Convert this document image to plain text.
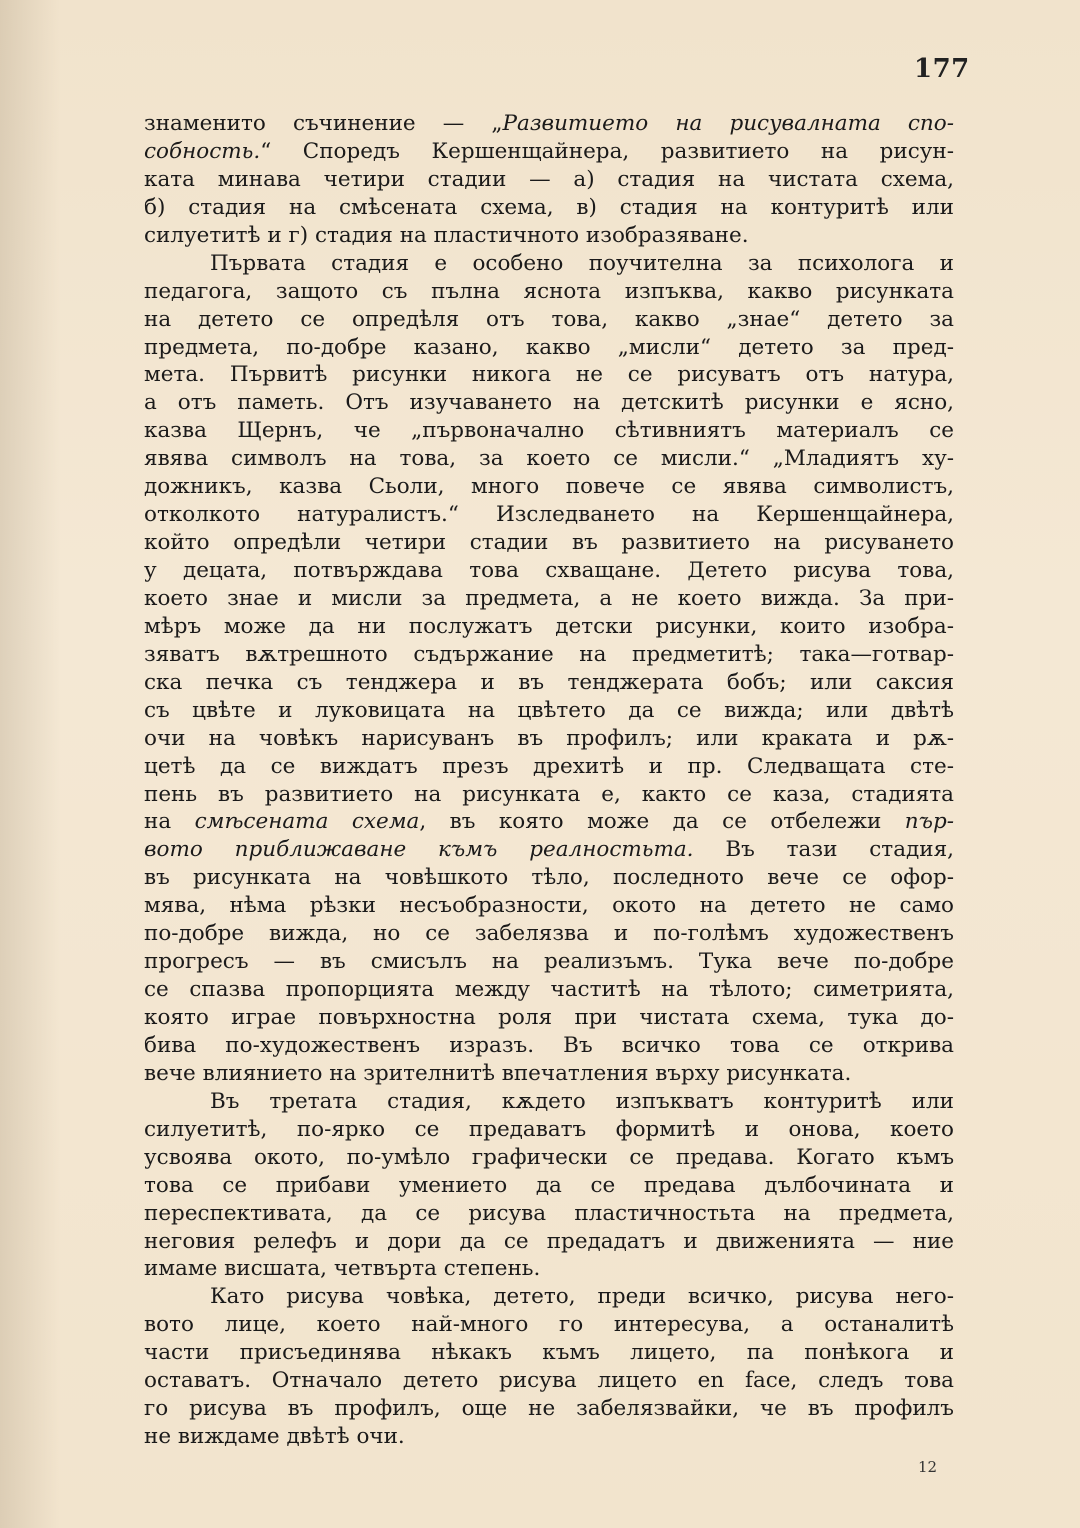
177
знаменито съчинение — „Развитието на рисувалната спо-
собность.“ Споредъ Кершенщайнера, развитието на рисун-
ката минава четири стадии — а) стадия на чистата схема,
б) стадия на смѣсената схема, в) стадия на контуритѣ или
силуетитѣ и г) стадия на пластичното изобразяване.
Първата стадия е особено поучителна за психолога и
педагога, защото съ пълна яснота изпъква, какво рисунката
на детето се опредѣля отъ това, какво „знае“ детето за
предмета, по-добре казано, какво „мисли“ детето за пред-
мета. Първитѣ рисунки никога не се рисуватъ отъ натура,
а отъ паметь. Отъ изучаването на детскитѣ рисунки е ясно,
казва Щернъ, че „първоначално сѣтивниятъ материалъ се
явява символъ на това, за което се мисли.“ „Младиятъ ху-
дожникъ, казва Сьоли, много повече се явява символистъ,
отколкото натуралистъ.“ Изследването на Кершенщайнера,
който опредѣли четири стадии въ развитието на рисуването
у децата, потвърждава това схващане. Детето рисува това,
което знае и мисли за предмета, а не което вижда. За при-
мѣръ може да ни послужатъ детски рисунки, които изобра-
зяватъ вѫтрешното съдържание на предметитѣ; така—готвар-
ска печка съ тенджера и въ тенджерата бобъ; или саксия
съ цвѣте и луковицата на цвѣтето да се вижда; или двѣтѣ
очи на човѣкъ нарисуванъ въ профилъ; или краката и рѫ-
цетѣ да се виждатъ презъ дрехитѣ и пр. Следващата сте-
пень въ развитието на рисунката е, както се каза, стадията
на смѣсената схема, въ която може да се отбележи пър-
вото приближаване къмъ реалностьта. Въ тази стадия,
въ рисунката на човѣшкото тѣло, последното вече се офор-
мява, нѣма рѣзки несъобразности, окото на детето не само
по-добре вижда, но се забелязва и по-голѣмъ художественъ
прогресъ — въ смисълъ на реализъмъ. Тука вече по-добре
се спазва пропорцията между частитѣ на тѣлото; симетрията,
която играе повърхностна роля при чистата схема, тука до-
бива по-художественъ изразъ. Въ всичко това се открива
вече влиянието на зрителнитѣ впечатления върху рисунката.
Въ третата стадия, кѫдето изпъкватъ контуритѣ или
силуетитѣ, по-ярко се предаватъ формитѣ и онова, което
усвоява окото, по-умѣло графически се предава. Когато къмъ
това се прибави умението да се предава дълбочината и
переспективата, да се рисува пластичностьта на предмета,
неговия релефъ и дори да се предадатъ и движенията — ние
имаме висшата, четвърта степень.
Като рисува човѣка, детето, преди всичко, рисува него-
вото лице, което най-много го интересува, а останалитѣ
части присъединява нѣкакъ къмъ лицето, па понѣкога и
оставатъ. Отначало детето рисува лицето en face, следъ това
го рисува въ профилъ, още не забелязвайки, че въ профилъ
не виждаме двѣтѣ очи.
12
